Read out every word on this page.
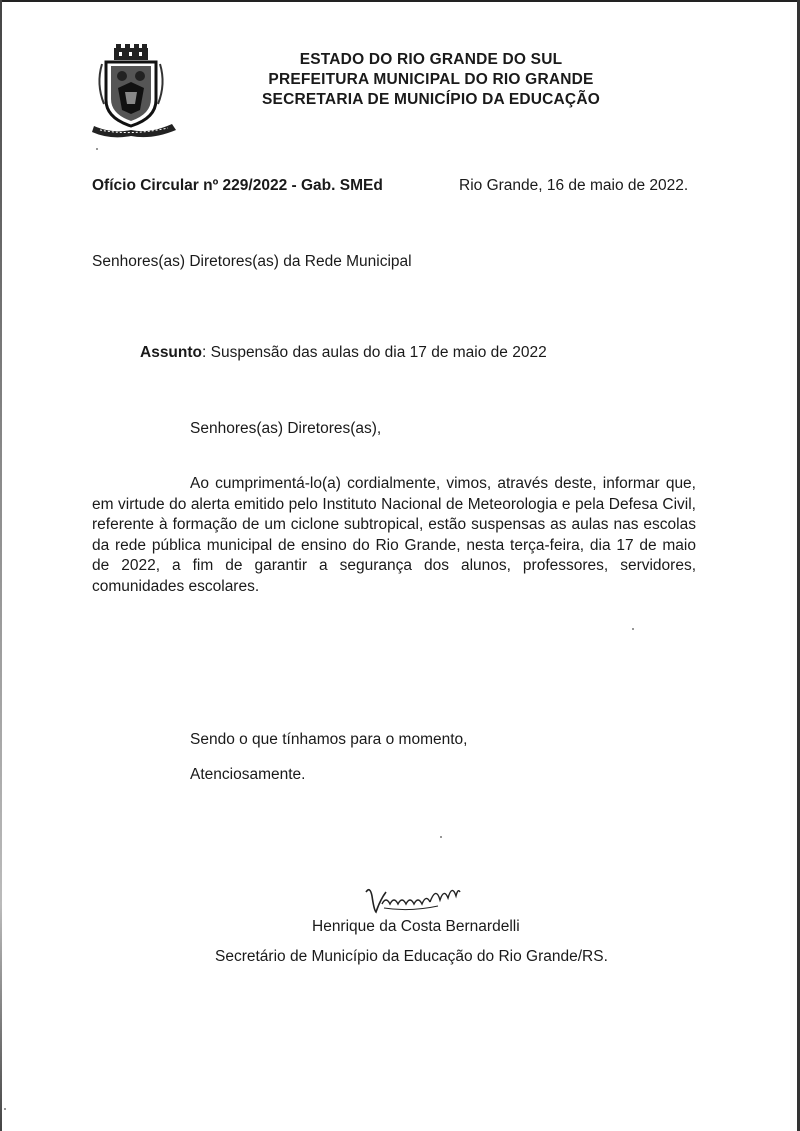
ESTADO DO RIO GRANDE DO SUL
PREFEITURA MUNICIPAL DO RIO GRANDE
SECRETARIA DE MUNICÍPIO DA EDUCAÇÃO
Ofício Circular nº 229/2022 - Gab. SMEd	Rio Grande, 16 de maio de 2022.
Senhores(as) Diretores(as) da Rede Municipal
Assunto: Suspensão das aulas do dia 17 de maio de 2022
Senhores(as) Diretores(as),
Ao cumprimentá-lo(a) cordialmente, vimos, através deste, informar que, em virtude do alerta emitido pelo Instituto Nacional de Meteorologia e pela Defesa Civil, referente à formação de um ciclone subtropical, estão suspensas as aulas nas escolas da rede pública municipal de ensino do Rio Grande, nesta terça-feira, dia 17 de maio de 2022, a fim de garantir a segurança dos alunos, professores, servidores, comunidades escolares.
Sendo o que tínhamos para o momento,
Atenciosamente.
Henrique da Costa Bernardelli
Secretário de Município da Educação do Rio Grande/RS.
